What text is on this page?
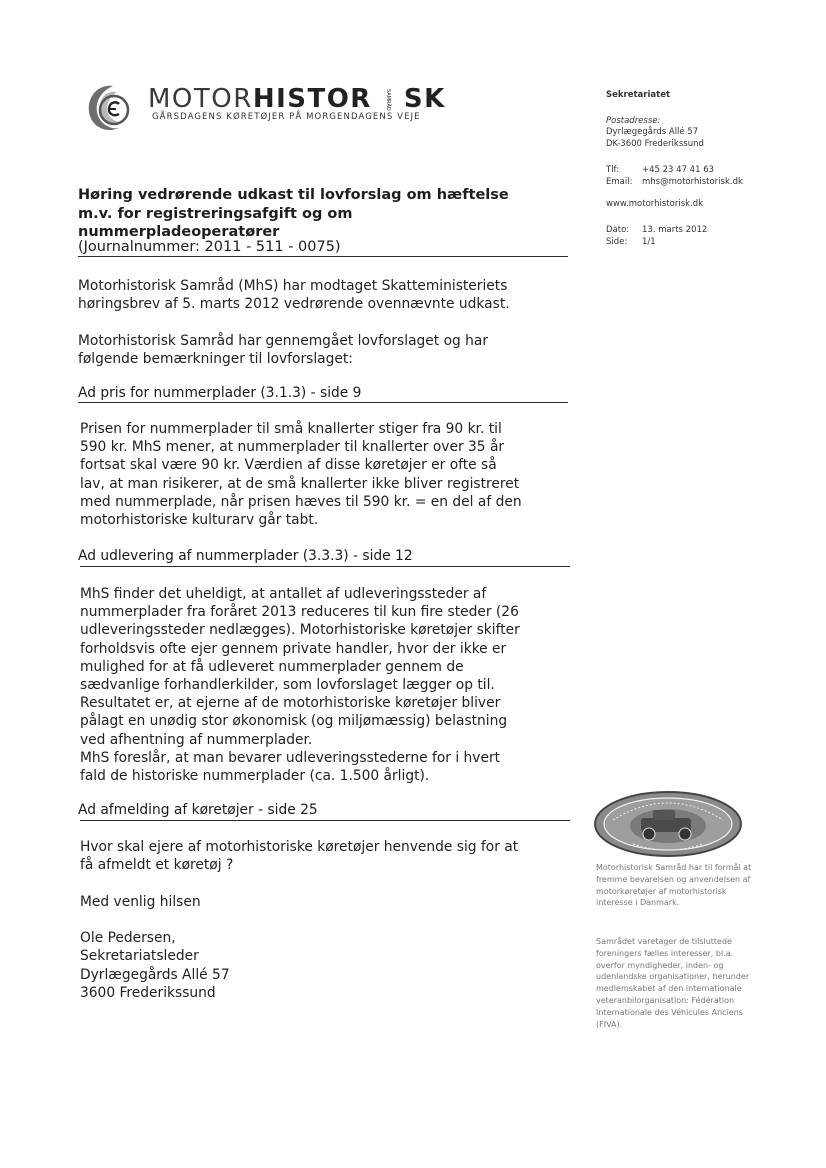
MOTORHISTOR	SAMRÅD SK
GÅRSDAGENS KØRETØJER PÅ MORGENDAGENS VEJE
Sekretariatet
Postadresse:
Dyrlægegårds Allé 57
DK-3600 Frederikssund
Tlf:	+45 23 47 41 63
Email: mhs@motorhistorisk.dk
www.motorhistorisk.dk
Dato: 13. marts 2012
Side: 1/1
Motorhistorisk Samråd har til formål at fremme bevarelsen og anvendelsen af motorkøretøjer af motorhistorisk interesse i Danmark.
Samrådet varetager de tilsluttede foreningers fælles interesser, bl.a. overfor myndigheder, inden- og udenlandske organisationer, herunder medlemskabet af den internationale veteranbilorganisation: Fédération Internationale des Véhicules Anciens (FIVA).
Høring vedrørende udkast til lovforslag om hæftelse
m.v. for registreringsafgift og om
nummerpladeoperatører
(Journalnummer: 2011 - 511 - 0075)
Motorhistorisk Samråd (MhS) har modtaget Skatteministeriets
høringsbrev af 5. marts 2012 vedrørende ovennævnte udkast.
Motorhistorisk Samråd har gennemgået lovforslaget og har
følgende bemærkninger til lovforslaget:
Ad pris for nummerplader (3.1.3) - side 9
Prisen for nummerplader til små knallerter stiger fra 90 kr. til
590 kr. MhS mener, at nummerplader til knallerter over 35 år
fortsat skal være 90 kr. Værdien af disse køretøjer er ofte så
lav, at man risikerer, at de små knallerter ikke bliver registreret
med nummerplade, når prisen hæves til 590 kr. = en del af den
motorhistoriske kulturarv går tabt.
Ad udlevering af nummerplader (3.3.3) - side 12
MhS finder det uheldigt, at antallet af udleveringssteder af
nummerplader fra foråret 2013 reduceres til kun fire steder (26
udleveringssteder nedlægges). Motorhistoriske køretøjer skifter
forholdsvis ofte ejer gennem private handler, hvor der ikke er
mulighed for at få udleveret nummerplader gennem de
sædvanlige forhandlerkilder, som lovforslaget lægger op til.
Resultatet er, at ejerne af de motorhistoriske køretøjer bliver
pålagt en unødig stor økonomisk (og miljømæssig) belastning
ved afhentning af nummerplader.
MhS foreslår, at man bevarer udleveringsstederne for i hvert
fald de historiske nummerplader (ca. 1.500 årligt).
Ad afmelding af køretøjer - side 25
Hvor skal ejere af motorhistoriske køretøjer henvende sig for at
få afmeldt et køretøj ?
Med venlig hilsen
Ole Pedersen,
Sekretariatsleder
Dyrlægegårds Allé 57
3600 Frederikssund
